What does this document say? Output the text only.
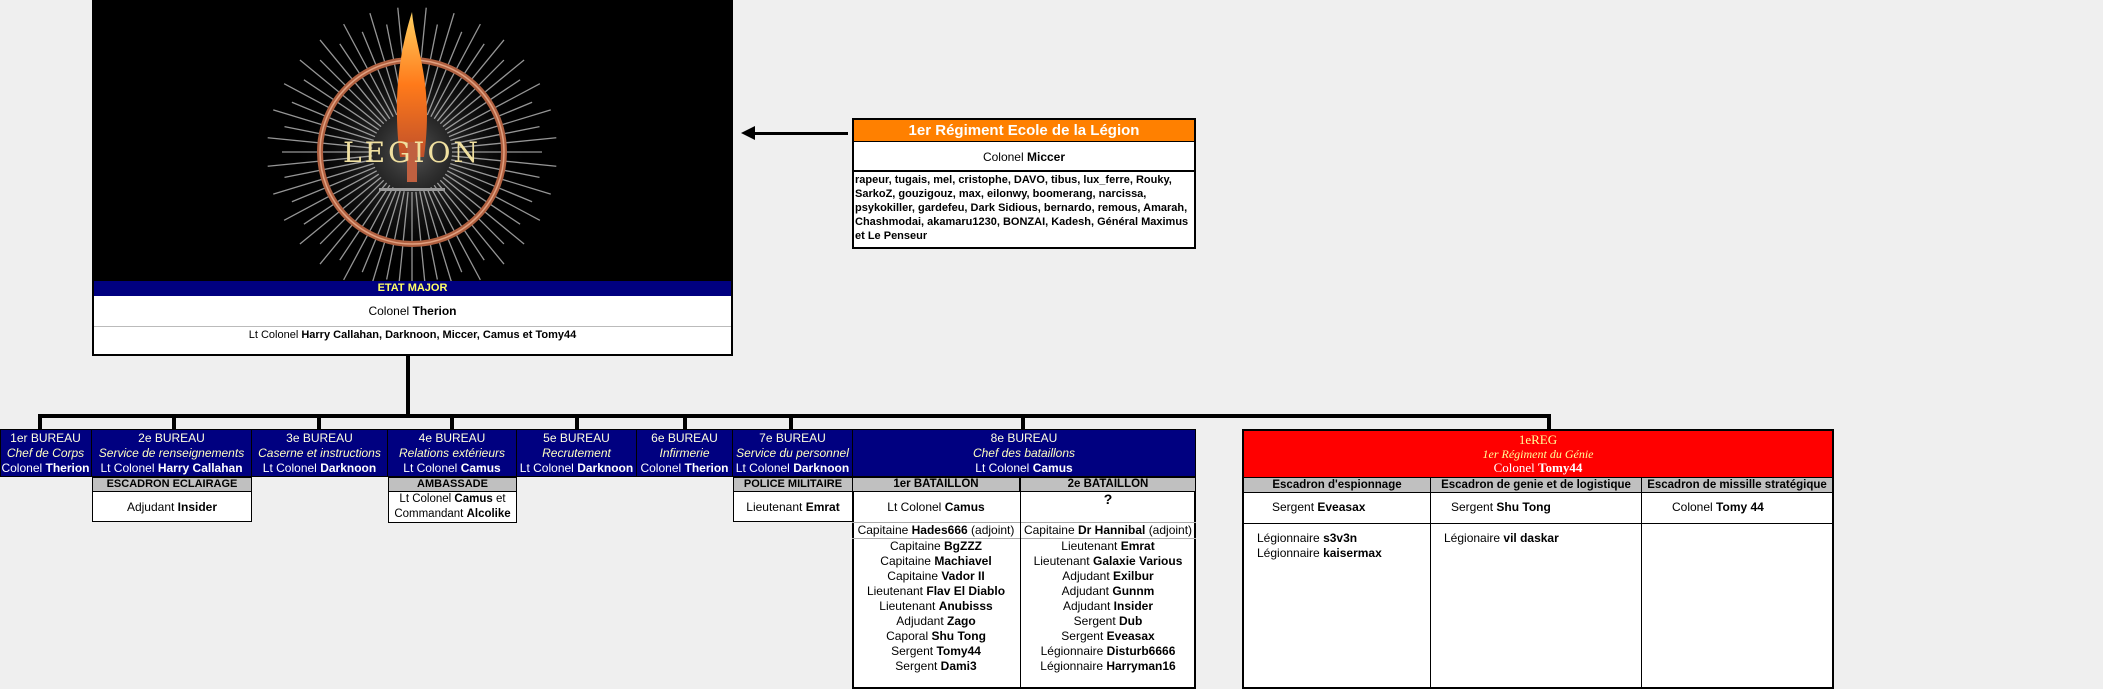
LEGION
ETAT MAJOR
Colonel Therion
Lt Colonel Harry Callahan, Darknoon, Miccer, Camus et Tomy44
1er Régiment Ecole de la Légion
Colonel Miccer
rapeur, tugais, mel, cristophe, DAVO, tibus, lux_ferre, Rouky, SarkoZ, gouzigouz, max, eilonwy, boomerang, narcissa, psykokiller, gardefeu, Dark Sidious, bernardo, remous, Amarah, Chashmodai, akamaru1230, BONZAI, Kadesh, Général Maximus et Le Penseur
1er BUREAU
Chef de Corps
Colonel Therion
2e BUREAU
Service de renseignements
Lt Colonel Harry Callahan
3e BUREAU
Caserne et instructions
Lt Colonel Darknoon
4e BUREAU
Relations extérieurs
Lt Colonel Camus
5e BUREAU
Recrutement
Lt Colonel Darknoon
6e BUREAU
Infirmerie
Colonel Therion
7e BUREAU
Service du personnel
Lt Colonel Darknoon
8e BUREAU
Chef des bataillons
Lt Colonel Camus
ESCADRON ECLAIRAGE
Adjudant Insider
AMBASSADE
Lt Colonel Camus et
Commandant Alcolike
POLICE MILITAIRE
Lieutenant Emrat
1er BATAILLON
Lt Colonel Camus
Capitaine Hades666 (adjoint)
Capitaine BgZZZ
Capitaine Machiavel
Capitaine Vador II
Lieutenant Flav El Diablo
Lieutenant Anubisss
Adjudant Zago
Caporal Shu Tong
Sergent Tomy44
Sergent Dami3
2e BATAILLON
?
Capitaine Dr Hannibal (adjoint)
Lieutenant Emrat
Lieutenant Galaxie Various
Adjudant Exilbur
Adjudant Gunnm
Adjudant Insider
Sergent Dub
Sergent Eveasax
Légionnaire Disturb6666
Légionnaire Harryman16
1eREG
1er Régiment du Génie
Colonel Tomy44
Escadron d'espionnage
Sergent Eveasax
Légionnaire s3v3n
Légionnaire kaisermax
Escadron de genie et de logistique
Sergent Shu Tong
Légionaire vil daskar
Escadron de missille stratégique
Colonel Tomy 44
